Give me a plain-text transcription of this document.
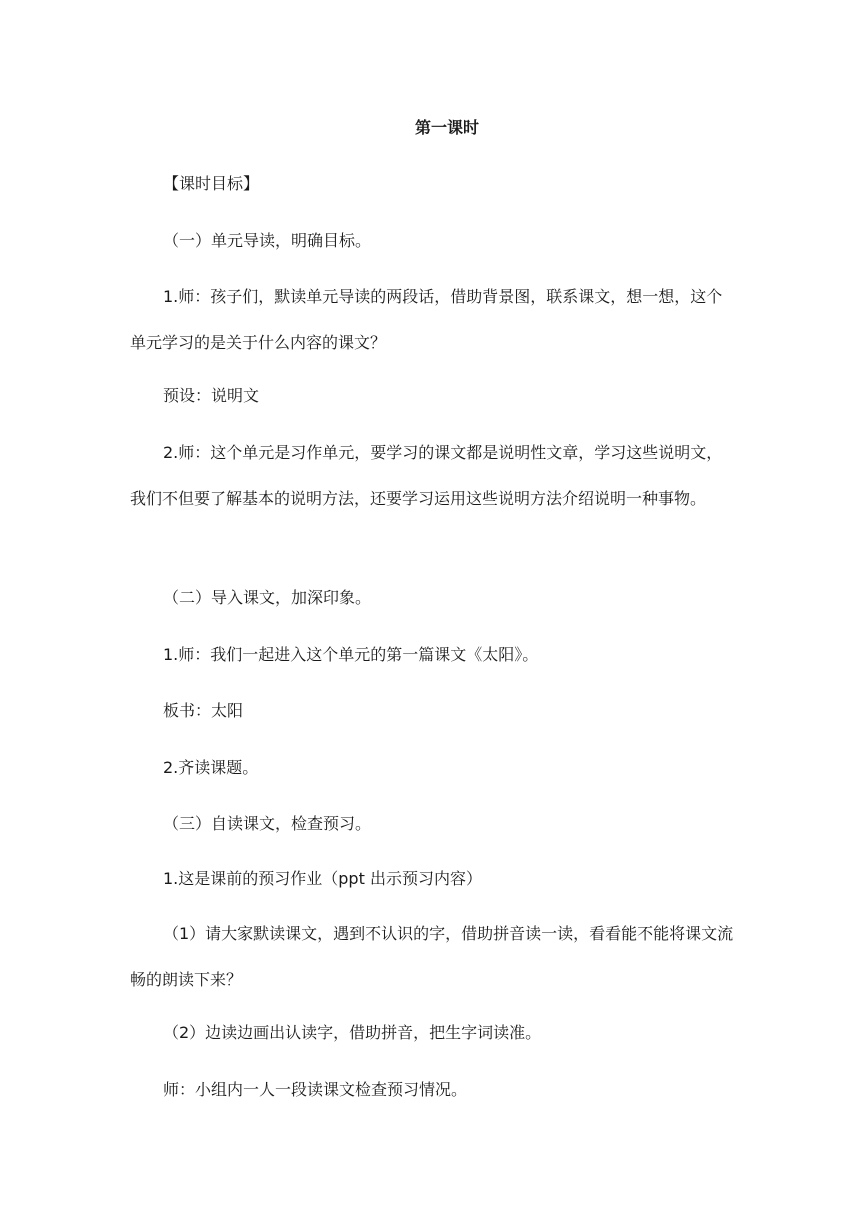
第一课时

【课时目标】

（一）单元导读，明确目标。

1.师：孩子们，默读单元导读的两段话，借助背景图，联系课文，想一想，这个单元学习的是关于什么内容的课文？

预设：说明文

2.师：这个单元是习作单元，要学习的课文都是说明性文章，学习这些说明文，我们不但要了解基本的说明方法，还要学习运用这些说明方法介绍说明一种事物。

（二）导入课文，加深印象。

1.师：我们一起进入这个单元的第一篇课文《太阳》。

板书：太阳

2.齐读课题。

（三）自读课文，检查预习。

1.这是课前的预习作业（ppt 出示预习内容）

（1）请大家默读课文，遇到不认识的字，借助拼音读一读，看看能不能将课文流畅的朗读下来？

（2）边读边画出认读字，借助拼音，把生字词读准。

师：小组内一人一段读课文检查预习情况。
